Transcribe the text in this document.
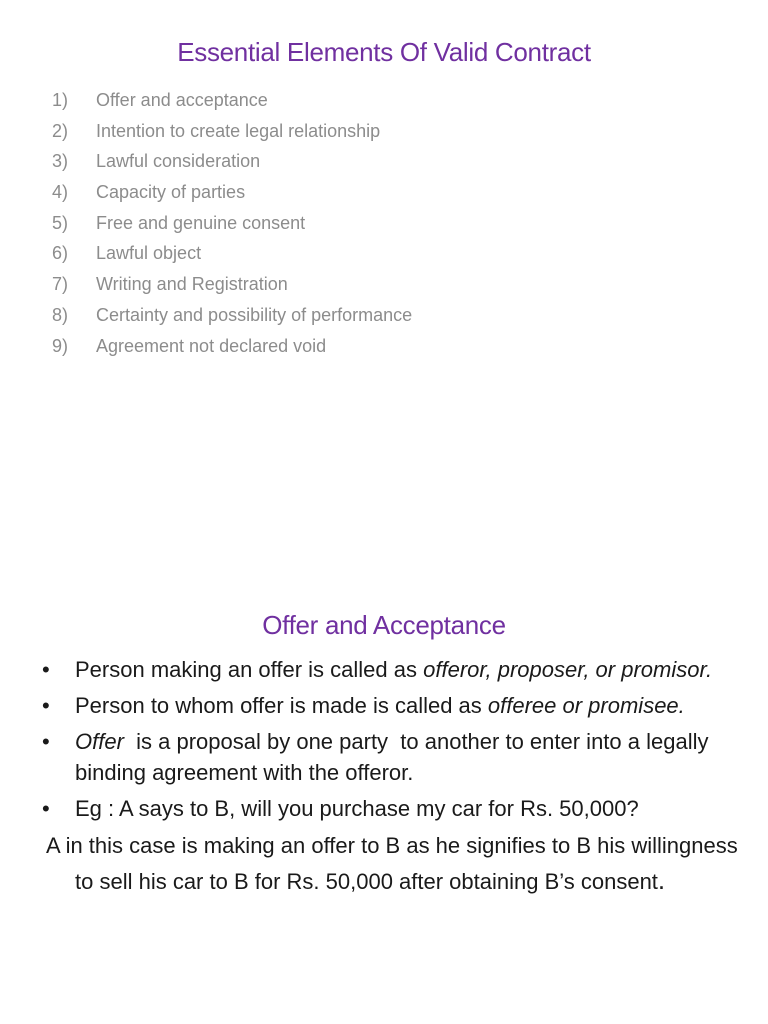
Essential Elements Of Valid Contract
1) Offer and acceptance
2) Intention to create legal relationship
3) Lawful consideration
4) Capacity of parties
5) Free and genuine consent
6) Lawful object
7) Writing and Registration
8) Certainty and possibility of performance
9) Agreement not declared void
Offer and Acceptance
• Person making an offer is called as offeror, proposer, or promisor.
• Person to whom offer is made is called as offeree or promisee.
• Offer  is a proposal by one party  to another to enter into a legally binding agreement with the offeror.
• Eg : A says to B, will you purchase my car for Rs. 50,000?
A in this case is making an offer to B as he signifies to B his willingness to sell his car to B for Rs. 50,000 after obtaining B’s consent.
